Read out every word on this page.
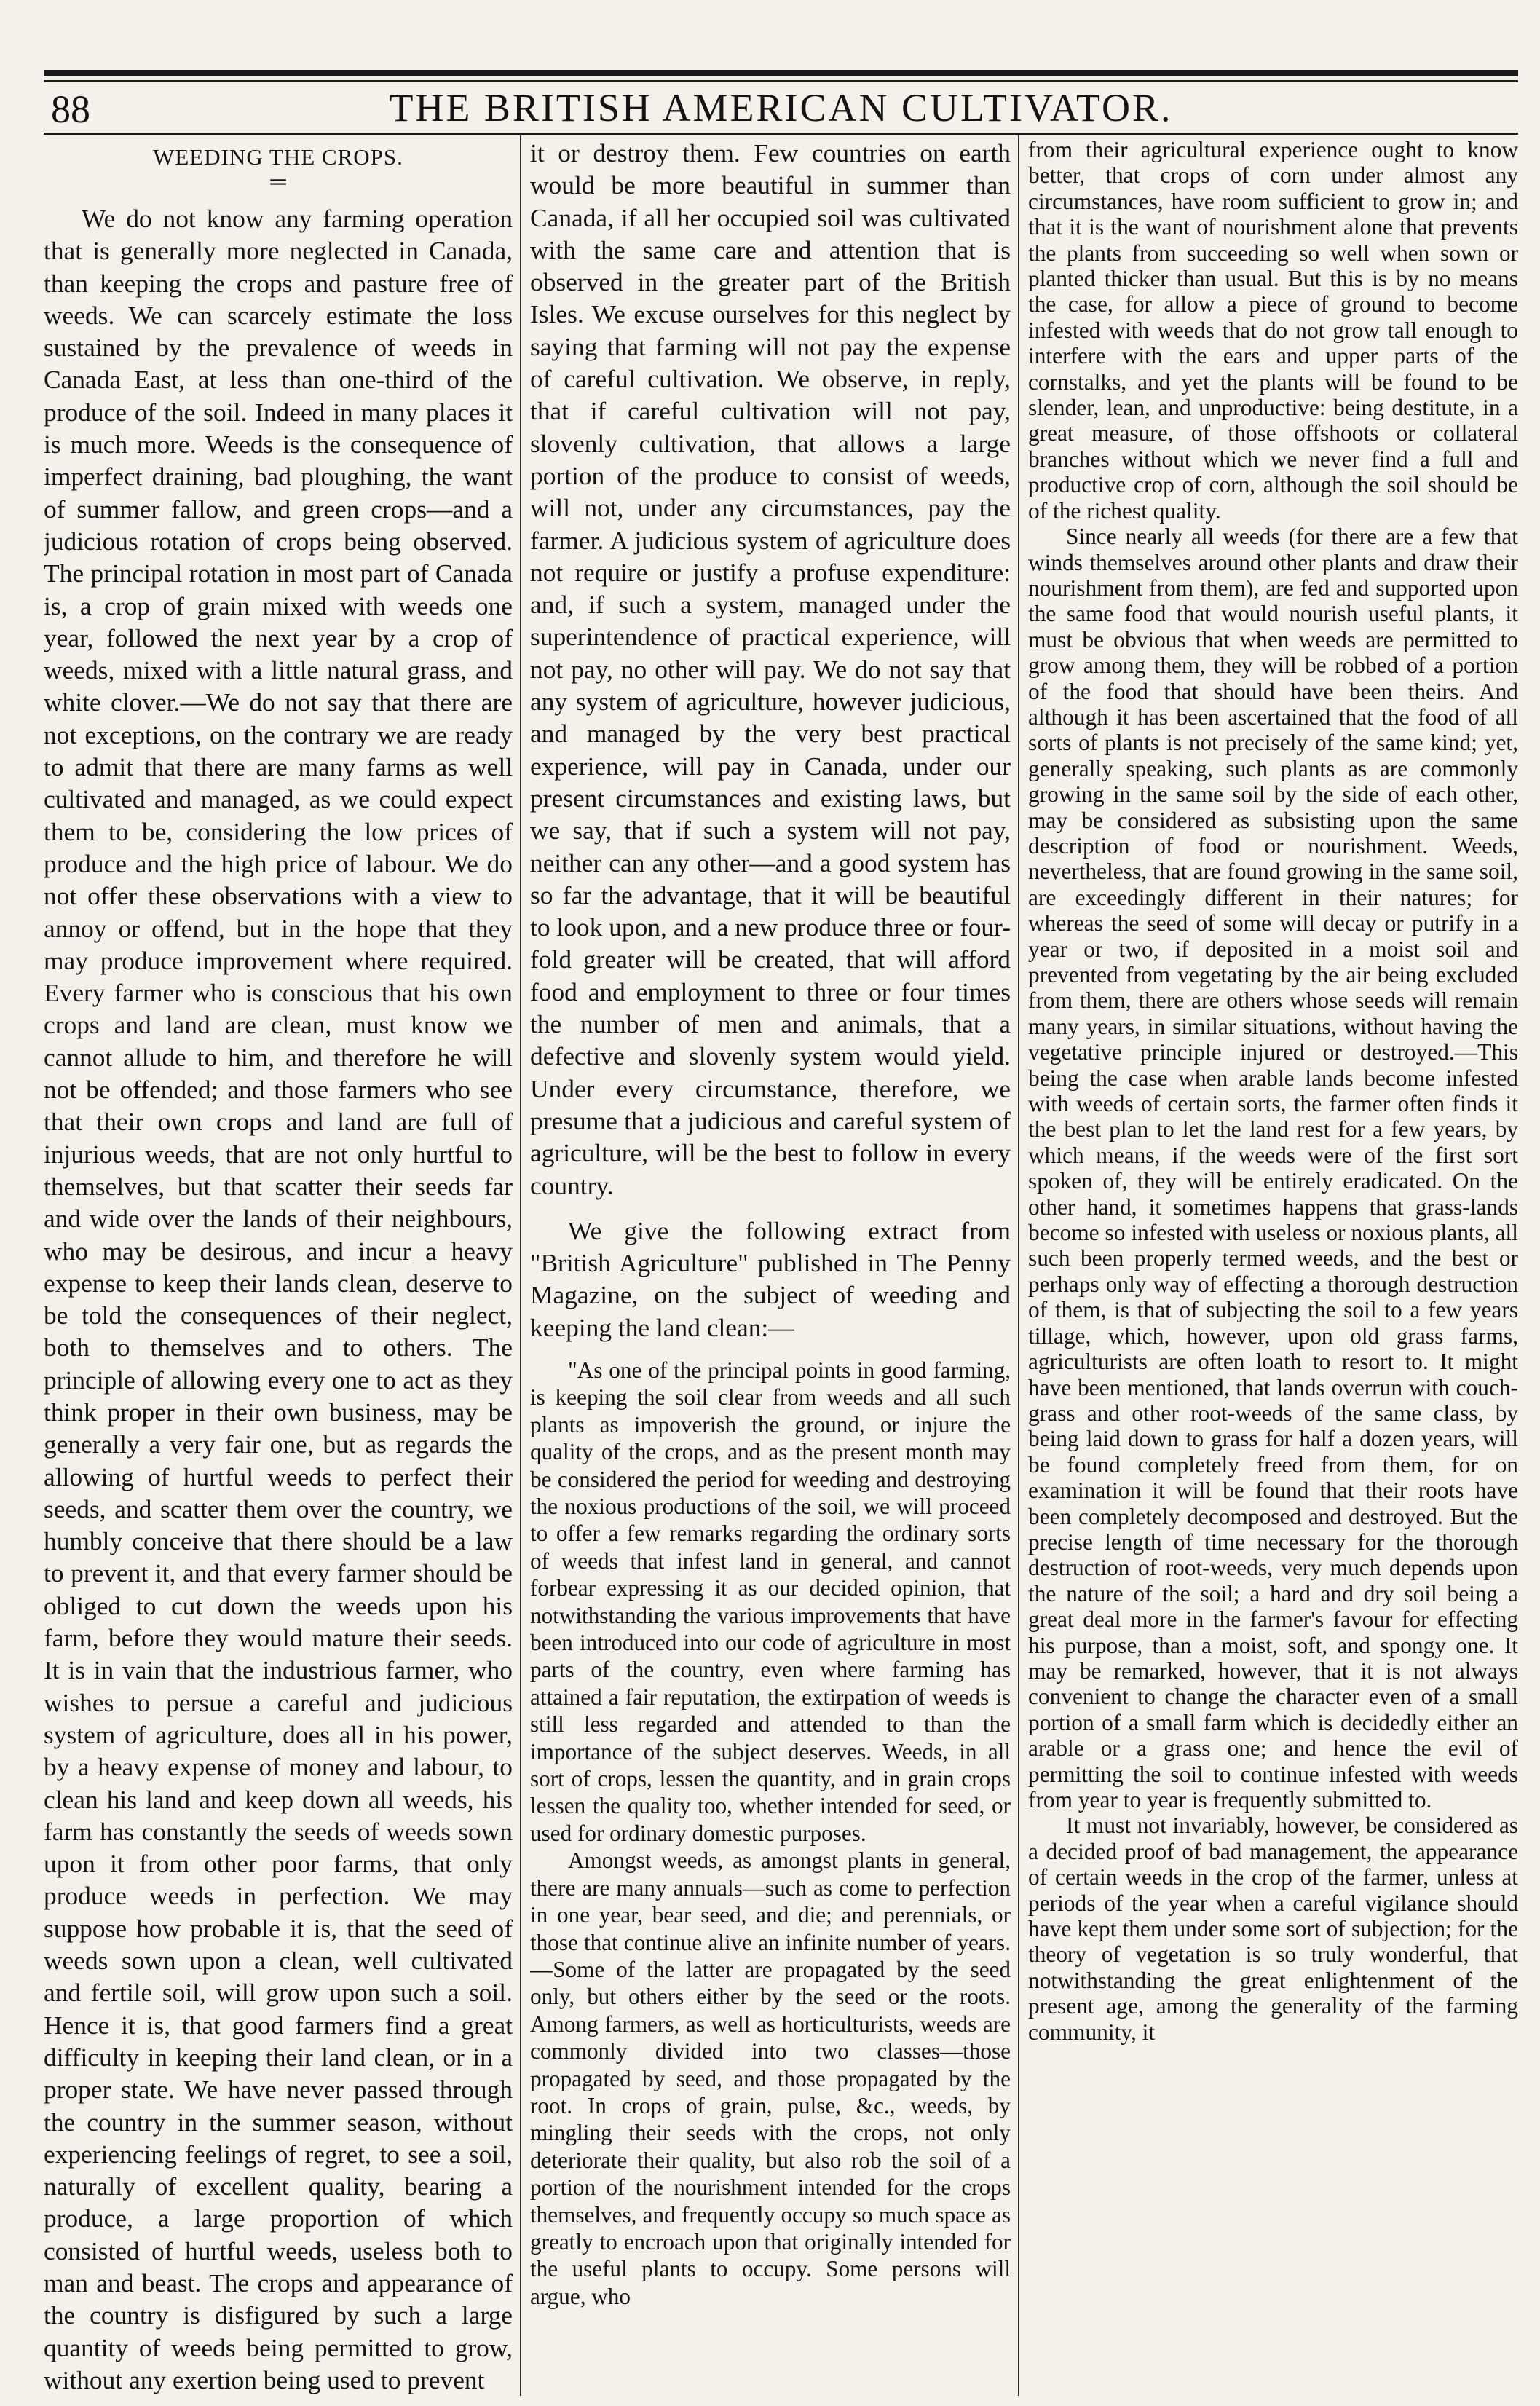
88	THE BRITISH AMERICAN CULTIVATOR.
WEEDING THE CROPS.
═

We do not know any farming operation that is generally more neglected in Canada, than keeping the crops and pasture free of weeds. We can scarcely estimate the loss sustained by the prevalence of weeds in Canada East, at less than one-third of the produce of the soil. Indeed in many places it is much more. Weeds is the consequence of imperfect draining, bad ploughing, the want of summer fallow, and green crops—and a judicious rotation of crops being observed. The principal rotation in most part of Canada is, a crop of grain mixed with weeds one year, followed the next year by a crop of weeds, mixed with a little natural grass, and white clover.—We do not say that there are not exceptions, on the contrary we are ready to admit that there are many farms as well cultivated and managed, as we could expect them to be, considering the low prices of produce and the high price of labour. We do not offer these observations with a view to annoy or offend, but in the hope that they may produce improvement where required. Every farmer who is conscious that his own crops and land are clean, must know we cannot allude to him, and therefore he will not be offended; and those farmers who see that their own crops and land are full of injurious weeds, that are not only hurtful to themselves, but that scatter their seeds far and wide over the lands of their neighbours, who may be desirous, and incur a heavy expense to keep their lands clean, deserve to be told the consequences of their neglect, both to themselves and to others. The principle of allowing every one to act as they think proper in their own business, may be generally a very fair one, but as regards the allowing of hurtful weeds to perfect their seeds, and scatter them over the country, we humbly conceive that there should be a law to prevent it, and that every farmer should be obliged to cut down the weeds upon his farm, before they would mature their seeds. It is in vain that the industrious farmer, who wishes to persue a careful and judicious system of agriculture, does all in his power, by a heavy expense of money and labour, to clean his land and keep down all weeds, his farm has constantly the seeds of weeds sown upon it from other poor farms, that only produce weeds in perfection. We may suppose how probable it is, that the seed of weeds sown upon a clean, well cultivated and fertile soil, will grow upon such a soil. Hence it is, that good farmers find a great difficulty in keeping their land clean, or in a proper state. We have never passed through the country in the summer season, without experiencing feelings of regret, to see a soil, naturally of excellent quality, bearing a produce, a large proportion of which consisted of hurtful weeds, useless both to man and beast. The crops and appearance of the country is disfigured by such a large quantity of weeds being permitted to grow, without any exertion being used to prevent

it or destroy them. Few countries on earth would be more beautiful in summer than Canada, if all her occupied soil was cultivated with the same care and attention that is observed in the greater part of the British Isles. We excuse ourselves for this neglect by saying that farming will not pay the expense of careful cultivation. We observe, in reply, that if careful cultivation will not pay, slovenly cultivation, that allows a large portion of the produce to consist of weeds, will not, under any circumstances, pay the farmer. A judicious system of agriculture does not require or justify a profuse expenditure: and, if such a system, managed under the superintendence of practical experience, will not pay, no other will pay. We do not say that any system of agriculture, however judicious, and managed by the very best practical experience, will pay in Canada, under our present circumstances and existing laws, but we say, that if such a system will not pay, neither can any other—and a good system has so far the advantage, that it will be beautiful to look upon, and a new produce three or four-fold greater will be created, that will afford food and employment to three or four times the number of men and animals, that a defective and slovenly system would yield. Under every circumstance, therefore, we presume that a judicious and careful system of agriculture, will be the best to follow in every country.

We give the following extract from "British Agriculture" published in The Penny Magazine, on the subject of weeding and keeping the land clean:—

"As one of the principal points in good farming, is keeping the soil clear from weeds and all such plants as impoverish the ground, or injure the quality of the crops, and as the present month may be considered the period for weeding and destroying the noxious productions of the soil, we will proceed to offer a few remarks regarding the ordinary sorts of weeds that infest land in general, and cannot forbear expressing it as our decided opinion, that notwithstanding the various improvements that have been introduced into our code of agriculture in most parts of the country, even where farming has attained a fair reputation, the extirpation of weeds is still less regarded and attended to than the importance of the subject deserves. Weeds, in all sort of crops, lessen the quantity, and in grain crops lessen the quality too, whether intended for seed, or used for ordinary domestic purposes.

Amongst weeds, as amongst plants in general, there are many annuals—such as come to perfection in one year, bear seed, and die; and perennials, or those that continue alive an infinite number of years.—Some of the latter are propagated by the seed only, but others either by the seed or the roots. Among farmers, as well as horticulturists, weeds are commonly divided into two classes—those propagated by seed, and those propagated by the root. In crops of grain, pulse, &c., weeds, by mingling their seeds with the crops, not only deteriorate their quality, but also rob the soil of a portion of the nourishment intended for the crops themselves, and frequently occupy so much space as greatly to encroach upon that originally intended for the useful plants to occupy. Some persons will argue, who

from their agricultural experience ought to know better, that crops of corn under almost any circumstances, have room sufficient to grow in; and that it is the want of nourishment alone that prevents the plants from succeeding so well when sown or planted thicker than usual. But this is by no means the case, for allow a piece of ground to become infested with weeds that do not grow tall enough to interfere with the ears and upper parts of the cornstalks, and yet the plants will be found to be slender, lean, and unproductive: being destitute, in a great measure, of those offshoots or collateral branches without which we never find a full and productive crop of corn, although the soil should be of the richest quality.

Since nearly all weeds (for there are a few that winds themselves around other plants and draw their nourishment from them), are fed and supported upon the same food that would nourish useful plants, it must be obvious that when weeds are permitted to grow among them, they will be robbed of a portion of the food that should have been theirs. And although it has been ascertained that the food of all sorts of plants is not precisely of the same kind; yet, generally speaking, such plants as are commonly growing in the same soil by the side of each other, may be considered as subsisting upon the same description of food or nourishment. Weeds, nevertheless, that are found growing in the same soil, are exceedingly different in their natures; for whereas the seed of some will decay or putrify in a year or two, if deposited in a moist soil and prevented from vegetating by the air being excluded from them, there are others whose seeds will remain many years, in similar situations, without having the vegetative principle injured or destroyed.—This being the case when arable lands become infested with weeds of certain sorts, the farmer often finds it the best plan to let the land rest for a few years, by which means, if the weeds were of the first sort spoken of, they will be entirely eradicated. On the other hand, it sometimes happens that grass-lands become so infested with useless or noxious plants, all such been properly termed weeds, and the best or perhaps only way of effecting a thorough destruction of them, is that of subjecting the soil to a few years tillage, which, however, upon old grass farms, agriculturists are often loath to resort to. It might have been mentioned, that lands overrun with couch-grass and other root-weeds of the same class, by being laid down to grass for half a dozen years, will be found completely freed from them, for on examination it will be found that their roots have been completely decomposed and destroyed. But the precise length of time necessary for the thorough destruction of root-weeds, very much depends upon the nature of the soil; a hard and dry soil being a great deal more in the farmer's favour for effecting his purpose, than a moist, soft, and spongy one. It may be remarked, however, that it is not always convenient to change the character even of a small portion of a small farm which is decidedly either an arable or a grass one; and hence the evil of permitting the soil to continue infested with weeds from year to year is frequently submitted to.

It must not invariably, however, be considered as a decided proof of bad management, the appearance of certain weeds in the crop of the farmer, unless at periods of the year when a careful vigilance should have kept them under some sort of subjection; for the theory of vegetation is so truly wonderful, that notwithstanding the great enlightenment of the present age, among the generality of the farming community, it
